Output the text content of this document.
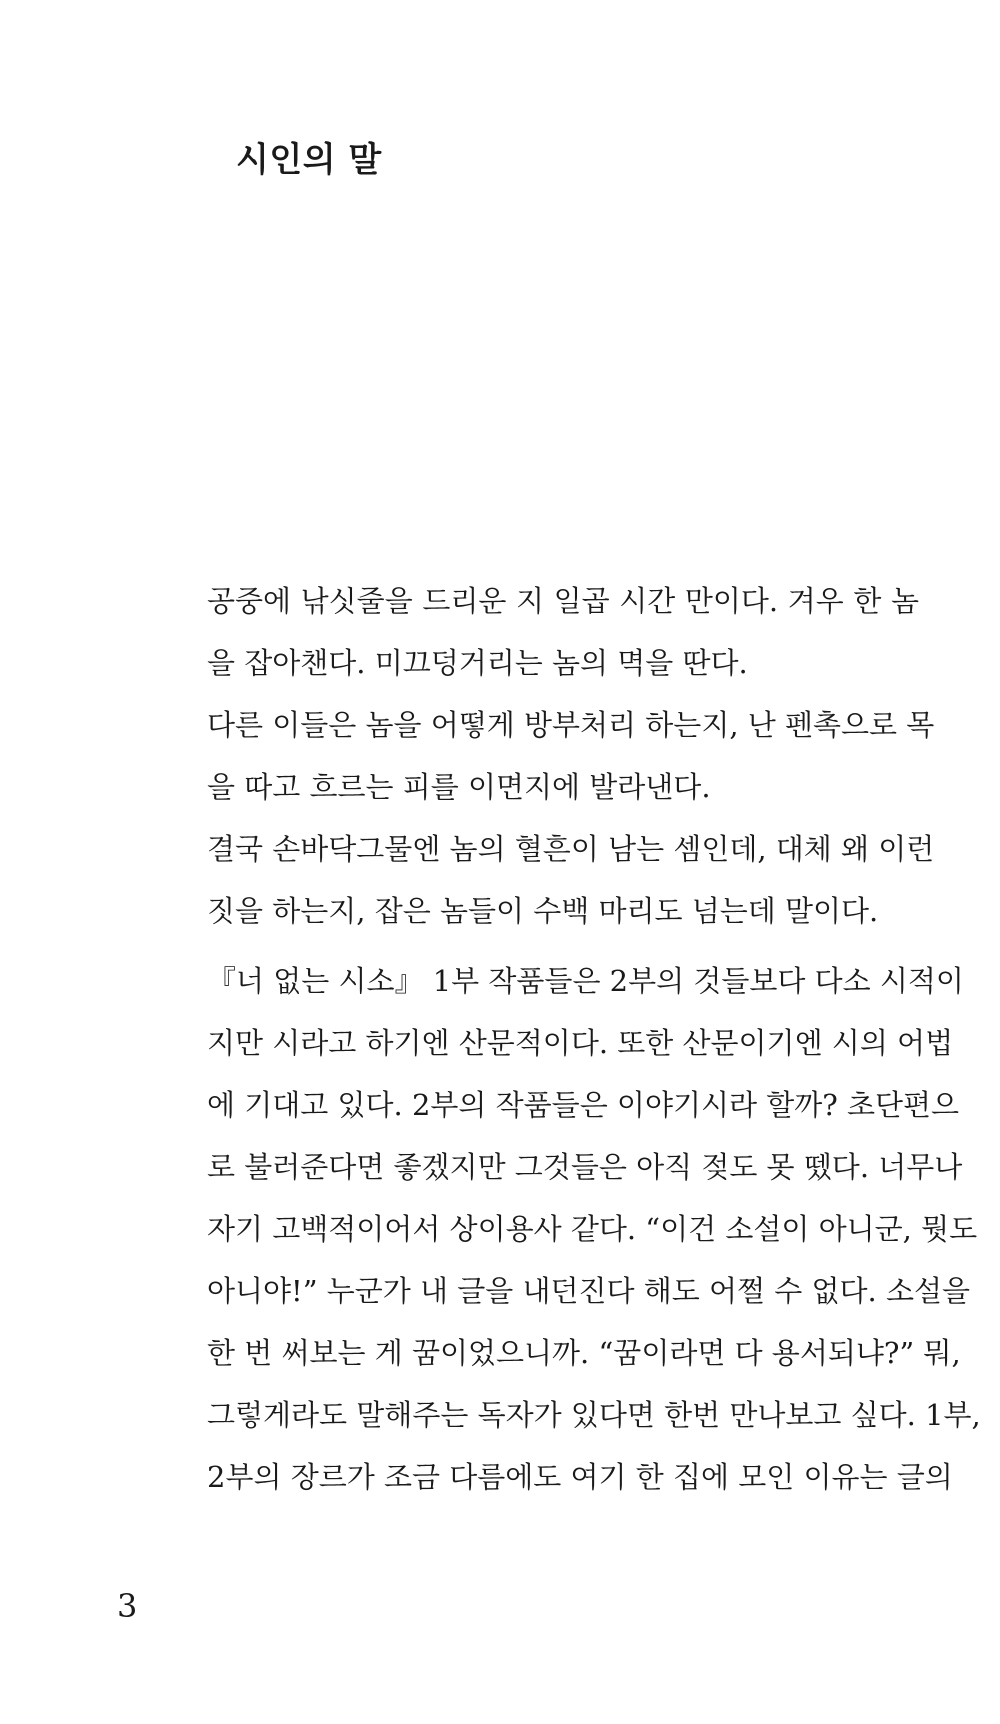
시인의 말
공중에 낚싯줄을 드리운 지 일곱 시간 만이다. 겨우 한 놈
을 잡아챈다. 미끄덩거리는 놈의 멱을 딴다.
다른 이들은 놈을 어떻게 방부처리 하는지, 난 펜촉으로 목
을 따고 흐르는 피를 이면지에 발라낸다.
결국 손바닥그물엔 놈의 혈흔이 남는 셈인데, 대체 왜 이런
짓을 하는지, 잡은 놈들이 수백 마리도 넘는데 말이다.
『너 없는 시소』 1부 작품들은 2부의 것들보다 다소 시적이
지만 시라고 하기엔 산문적이다. 또한 산문이기엔 시의 어법
에 기대고 있다. 2부의 작품들은 이야기시라 할까? 초단편으
로 불러준다면 좋겠지만 그것들은 아직 젖도 못 뗐다. 너무나
자기 고백적이어서 상이용사 같다. “이건 소설이 아니군, 뭣도
아니야!” 누군가 내 글을 내던진다 해도 어쩔 수 없다. 소설을
한 번 써보는 게 꿈이었으니까. “꿈이라면 다 용서되냐?” 뭐,
그렇게라도 말해주는 독자가 있다면 한번 만나보고 싶다. 1부,
2부의 장르가 조금 다름에도 여기 한 집에 모인 이유는 글의
3
